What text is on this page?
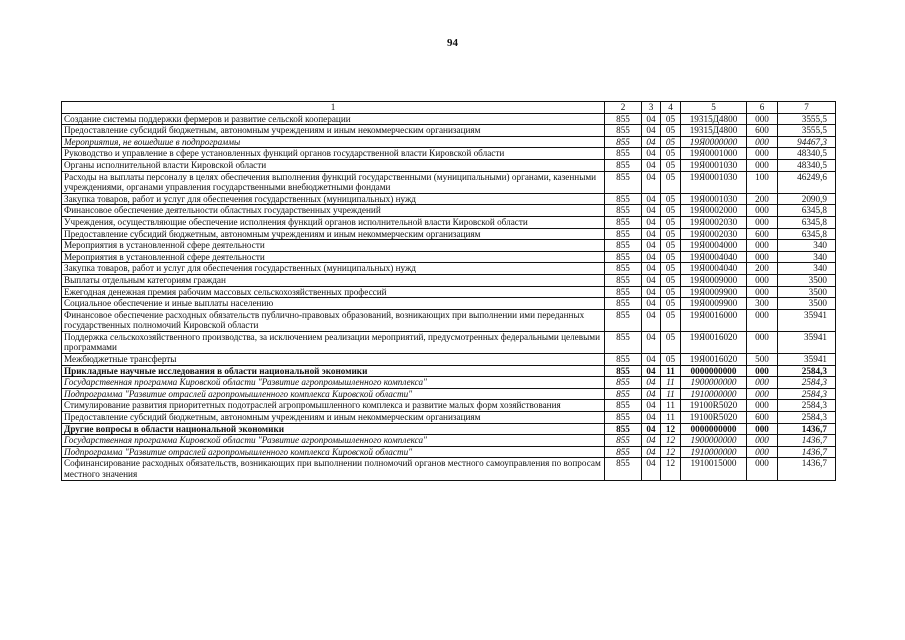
94
1	2	3	4	5	6	7
Создание системы поддержки фермеров и развитие сельской кооперации	855	04	05	19315Д4800	000	3555,5
Предоставление субсидий бюджетным, автономным учреждениям и иным некоммерческим организациям	855	04	05	19315Д4800	600	3555,5
Мероприятия, не вошедшие в подпрограммы	855	04	05	19Я0000000	000	94467,3
Руководство и управление в сфере установленных функций органов государственной власти Кировской области	855	04	05	19Я0001000	000	48340,5
Органы исполнительной власти Кировской области	855	04	05	19Я0001030	000	48340,5
Расходы на выплаты персоналу в целях обеспечения выполнения функций государственными (муниципальными) органами, казенными учреждениями, органами управления государственными внебюджетными фондами	855	04	05	19Я0001030	100	46249,6
Закупка товаров, работ и услуг для обеспечения государственных (муниципальных) нужд	855	04	05	19Я0001030	200	2090,9
Финансовое обеспечение деятельности областных государственных учреждений	855	04	05	19Я0002000	000	6345,8
Учреждения, осуществляющие обеспечение исполнения функций органов исполнительной власти Кировской области	855	04	05	19Я0002030	000	6345,8
Предоставление субсидий бюджетным, автономным учреждениям и иным некоммерческим организациям	855	04	05	19Я0002030	600	6345,8
Мероприятия в установленной сфере деятельности	855	04	05	19Я0004000	000	340
Мероприятия в установленной сфере деятельности	855	04	05	19Я0004040	000	340
Закупка товаров, работ и услуг для обеспечения государственных (муниципальных) нужд	855	04	05	19Я0004040	200	340
Выплаты отдельным категориям граждан	855	04	05	19Я0009000	000	3500
Ежегодная денежная премия рабочим массовых сельскохозяйственных профессий	855	04	05	19Я0009900	000	3500
Социальное обеспечение и иные выплаты населению	855	04	05	19Я0009900	300	3500
Финансовое обеспечение расходных обязательств публично-правовых образований, возникающих при выполнении ими переданных государственных полномочий Кировской области	855	04	05	19Я0016000	000	35941
Поддержка сельскохозяйственного производства, за исключением реализации мероприятий, предусмотренных федеральными целевыми программами	855	04	05	19Я0016020	000	35941
Межбюджетные трансферты	855	04	05	19Я0016020	500	35941
Прикладные научные исследования в области национальной экономики	855	04	11	0000000000	000	2584,3
Государственная программа Кировской области "Развитие агропромышленного комплекса"	855	04	11	1900000000	000	2584,3
Подпрограмма "Развитие отраслей агропромышленного комплекса Кировской области"	855	04	11	1910000000	000	2584,3
Стимулирование развития приоритетных подотраслей агропромышленного комплекса и развитие малых форм хозяйствования	855	04	11	19100R5020	000	2584,3
Предоставление субсидий бюджетным, автономным учреждениям и иным некоммерческим организациям	855	04	11	19100R5020	600	2584,3
Другие вопросы в области национальной экономики	855	04	12	0000000000	000	1436,7
Государственная программа Кировской области "Развитие агропромышленного комплекса"	855	04	12	1900000000	000	1436,7
Подпрограмма "Развитие отраслей агропромышленного комплекса Кировской области"	855	04	12	1910000000	000	1436,7
Софинансирование расходных обязательств, возникающих при выполнении полномочий органов местного самоуправления по вопросам местного значения	855	04	12	1910015000	000	1436,7
